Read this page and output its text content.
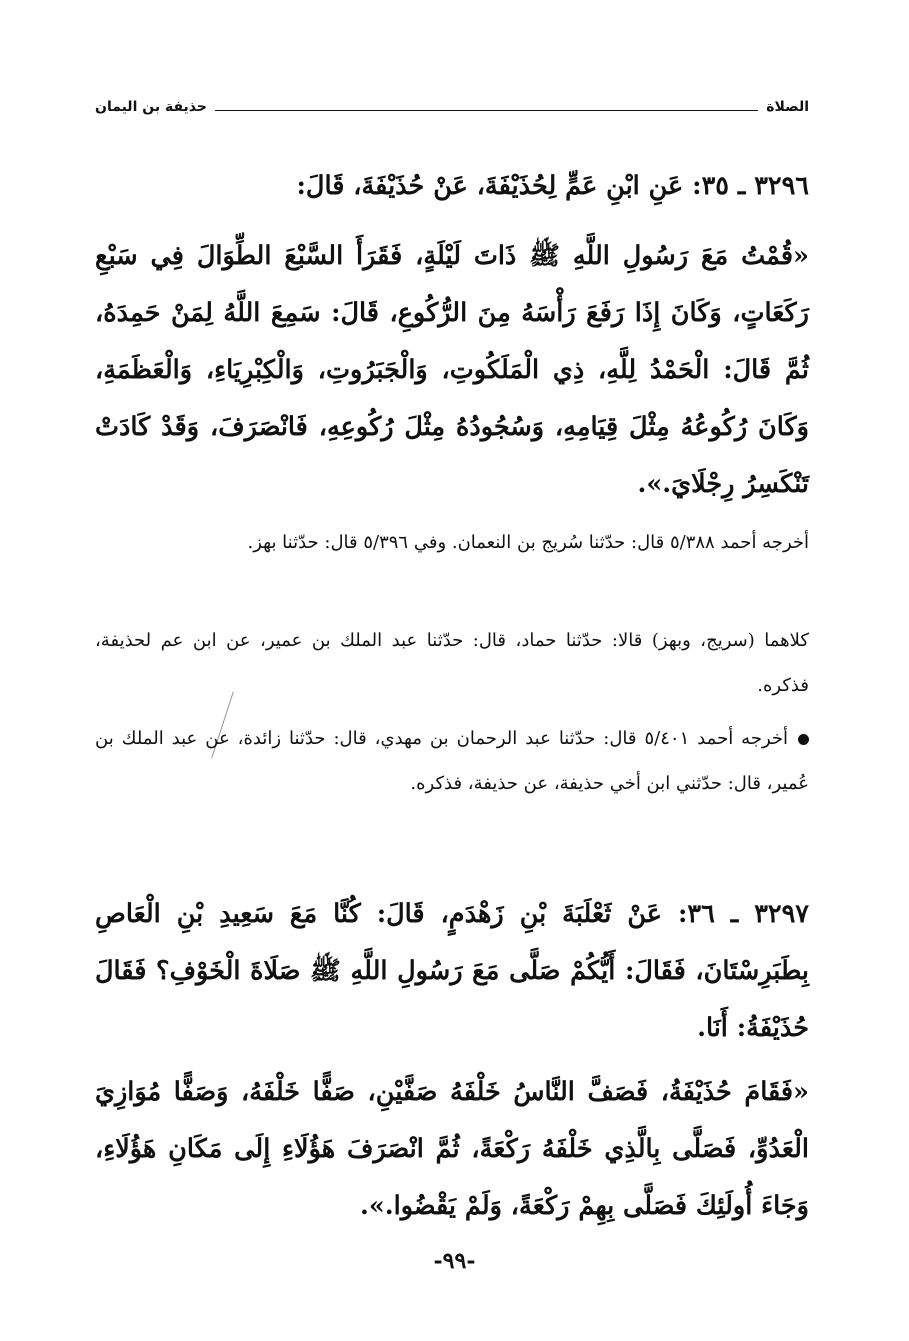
الصلاة
حذيفة بن اليمان
٣٢٩٦ ـ ٣٥: عَنِ ابْنِ عَمٍّ لِحُذَيْفَةَ، عَنْ حُذَيْفَةَ، قَالَ:
«قُمْتُ مَعَ رَسُولِ اللَّهِ ﷺ ذَاتَ لَيْلَةٍ، فَقَرَأَ السَّبْعَ الطِّوَالَ فِي سَبْعِ رَكَعَاتٍ، وَكَانَ إِذَا رَفَعَ رَأْسَهُ مِنَ الرُّكُوعِ، قَالَ: سَمِعَ اللَّهُ لِمَنْ حَمِدَهُ، ثُمَّ قَالَ: الْحَمْدُ لِلَّهِ، ذِي الْمَلَكُوتِ، وَالْجَبَرُوتِ، وَالْكِبْرِيَاءِ، وَالْعَظَمَةِ، وَكَانَ رُكُوعُهُ مِثْلَ قِيَامِهِ، وَسُجُودُهُ مِثْلَ رُكُوعِهِ، فَانْصَرَفَ، وَقَدْ كَادَتْ تَنْكَسِرُ رِجْلَايَ.».
أخرجه أحمد ٥/٣٨٨ قال: حدّثنا سُريج بن النعمان. وفي ٥/٣٩٦ قال: حدّثنا بهز.
كلاهما (سريج، وبهز) قالا: حدّثنا حماد، قال: حدّثنا عبد الملك بن عمير، عن ابن عم لحذيفة، فذكره.
أخرجه أحمد ٥/٤٠١ قال: حدّثنا عبد الرحمان بن مهدي، قال: حدّثنا زائدة، عن عبد الملك بن عُمير، قال: حدّثني ابن أخي حذيفة، عن حذيفة، فذكره.
٣٢٩٧ ـ ٣٦: عَنْ ثَعْلَبَةَ بْنِ زَهْدَمٍ، قَالَ: كُنَّا مَعَ سَعِيدِ بْنِ الْعَاصِ بِطَبَرِسْتَانَ، فَقَالَ: أَيُّكُمْ صَلَّى مَعَ رَسُولِ اللَّهِ ﷺ صَلَاةَ الْخَوْفِ؟ فَقَالَ حُذَيْفَةُ: أَنَا.
«فَقَامَ حُذَيْفَةُ، فَصَفَّ النَّاسُ خَلْفَهُ صَفَّيْنِ، صَفًّا خَلْفَهُ، وَصَفًّا مُوَازِيَ الْعَدُوِّ، فَصَلَّى بِالَّذِي خَلْفَهُ رَكْعَةً، ثُمَّ انْصَرَفَ هَؤُلَاءِ إِلَى مَكَانِ هَؤُلَاءِ، وَجَاءَ أُولَئِكَ فَصَلَّى بِهِمْ رَكْعَةً، وَلَمْ يَقْضُوا.».
-٩٩-
